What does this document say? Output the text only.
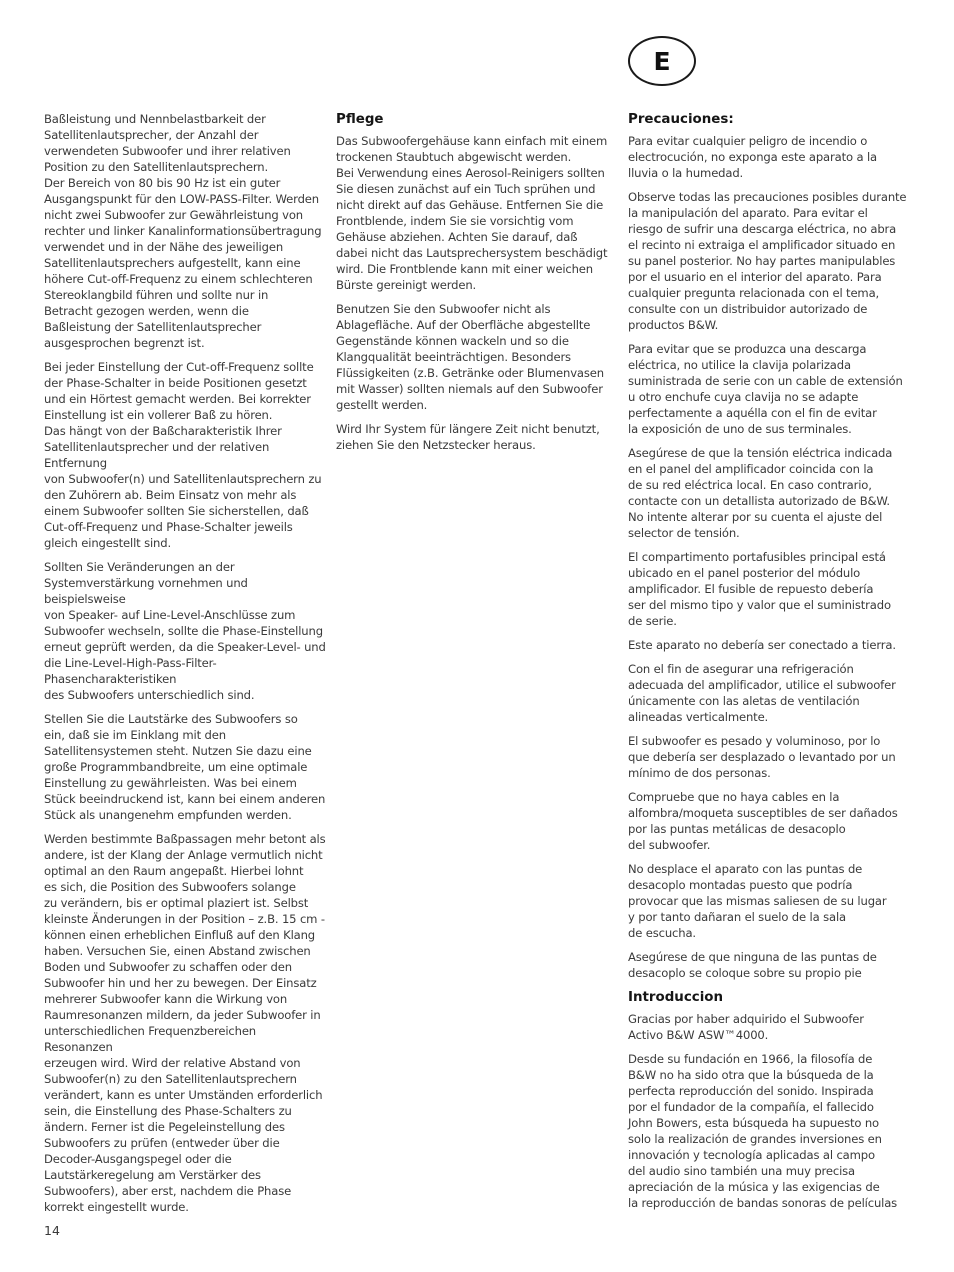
E

Baßleistung und Nennbelastbarkeit der
Satellitenlautsprecher, der Anzahl der
verwendeten Subwoofer und ihrer relativen
Position zu den Satellitenlautsprechern.
Der Bereich von 80 bis 90 Hz ist ein guter
Ausgangspunkt für den LOW-PASS-Filter. Werden
nicht zwei Subwoofer zur Gewährleistung von
rechter und linker Kanalinformationsübertragung
verwendet und in der Nähe des jeweiligen
Satellitenlautsprechers aufgestellt, kann eine
höhere Cut-off-Frequenz zu einem schlechteren
Stereoklangbild führen und sollte nur in
Betracht gezogen werden, wenn die
Baßleistung der Satellitenlautsprecher
ausgesprochen begrenzt ist.

Bei jeder Einstellung der Cut-off-Frequenz sollte
der Phase-Schalter in beide Positionen gesetzt
und ein Hörtest gemacht werden. Bei korrekter
Einstellung ist ein vollerer Baß zu hören.
Das hängt von der Baßcharakteristik Ihrer
Satellitenlautsprecher und der relativen Entfernung
von Subwoofer(n) und Satellitenlautsprechern zu
den Zuhörern ab. Beim Einsatz von mehr als
einem Subwoofer sollten Sie sicherstellen, daß
Cut-off-Frequenz und Phase-Schalter jeweils
gleich eingestellt sind.

Sollten Sie Veränderungen an der
Systemverstärkung vornehmen und beispielsweise
von Speaker- auf Line-Level-Anschlüsse zum
Subwoofer wechseln, sollte die Phase-Einstellung
erneut geprüft werden, da die Speaker-Level- und
die Line-Level-High-Pass-Filter-Phasencharakteristiken
des Subwoofers unterschiedlich sind.

Stellen Sie die Lautstärke des Subwoofers so
ein, daß sie im Einklang mit den
Satellitensystemen steht. Nutzen Sie dazu eine
große Programmbandbreite, um eine optimale
Einstellung zu gewährleisten. Was bei einem
Stück beeindruckend ist, kann bei einem anderen
Stück als unangenehm empfunden werden.

Werden bestimmte Baßpassagen mehr betont als
andere, ist der Klang der Anlage vermutlich nicht
optimal an den Raum angepaßt. Hierbei lohnt
es sich, die Position des Subwoofers solange
zu verändern, bis er optimal plaziert ist. Selbst
kleinste Änderungen in der Position – z.B. 15 cm -
können einen erheblichen Einfluß auf den Klang
haben. Versuchen Sie, einen Abstand zwischen
Boden und Subwoofer zu schaffen oder den
Subwoofer hin und her zu bewegen. Der Einsatz
mehrerer Subwoofer kann die Wirkung von
Raumresonanzen mildern, da jeder Subwoofer in
unterschiedlichen Frequenzbereichen Resonanzen
erzeugen wird. Wird der relative Abstand von
Subwoofer(n) zu den Satellitenlautsprechern
verändert, kann es unter Umständen erforderlich
sein, die Einstellung des Phase-Schalters zu
ändern. Ferner ist die Pegeleinstellung des
Subwoofers zu prüfen (entweder über die
Decoder-Ausgangspegel oder die
Lautstärkeregelung am Verstärker des
Subwoofers), aber erst, nachdem die Phase
korrekt eingestellt wurde.

Pflege

Das Subwoofergehäuse kann einfach mit einem
trockenen Staubtuch abgewischt werden.
Bei Verwendung eines Aerosol-Reinigers sollten
Sie diesen zunächst auf ein Tuch sprühen und
nicht direkt auf das Gehäuse. Entfernen Sie die
Frontblende, indem Sie sie vorsichtig vom
Gehäuse abziehen. Achten Sie darauf, daß
dabei nicht das Lautsprechersystem beschädigt
wird. Die Frontblende kann mit einer weichen
Bürste gereinigt werden.

Benutzen Sie den Subwoofer nicht als
Ablagefläche. Auf der Oberfläche abgestellte
Gegenstände können wackeln und so die
Klangqualität beeinträchtigen. Besonders
Flüssigkeiten (z.B. Getränke oder Blumenvasen
mit Wasser) sollten niemals auf den Subwoofer
gestellt werden.

Wird Ihr System für längere Zeit nicht benutzt,
ziehen Sie den Netzstecker heraus.

Precauciones:

Para evitar cualquier peligro de incendio o
electrocución, no exponga este aparato a la
lluvia o la humedad.

Observe todas las precauciones posibles durante
la manipulación del aparato. Para evitar el
riesgo de sufrir una descarga eléctrica, no abra
el recinto ni extraiga el amplificador situado en
su panel posterior. No hay partes manipulables
por el usuario en el interior del aparato. Para
cualquier pregunta relacionada con el tema,
consulte con un distribuidor autorizado de
productos B&W.

Para evitar que se produzca una descarga
eléctrica, no utilice la clavija polarizada
suministrada de serie con un cable de extensión
u otro enchufe cuya clavija no se adapte
perfectamente a aquélla con el fin de evitar
la exposición de uno de sus terminales.

Asegúrese de que la tensión eléctrica indicada
en el panel del amplificador coincida con la
de su red eléctrica local. En caso contrario,
contacte con un detallista autorizado de B&W.
No intente alterar por su cuenta el ajuste del
selector de tensión.

El compartimento portafusibles principal está
ubicado en el panel posterior del módulo
amplificador. El fusible de repuesto debería
ser del mismo tipo y valor que el suministrado
de serie.

Este aparato no debería ser conectado a tierra.

Con el fin de asegurar una refrigeración
adecuada del amplificador, utilice el subwoofer
únicamente con las aletas de ventilación
alineadas verticalmente.

El subwoofer es pesado y voluminoso, por lo
que debería ser desplazado o levantado por un
mínimo de dos personas.

Compruebe que no haya cables en la
alfombra/moqueta susceptibles de ser dañados
por las puntas metálicas de desacoplo
del subwoofer.

No desplace el aparato con las puntas de
desacoplo montadas puesto que podría
provocar que las mismas saliesen de su lugar
y por tanto dañaran el suelo de la sala
de escucha.

Asegúrese de que ninguna de las puntas de
desacoplo se coloque sobre su propio pie

Introduccion

Gracias por haber adquirido el Subwoofer
Activo B&W ASW™4000.

Desde su fundación en 1966, la filosofía de
B&W no ha sido otra que la búsqueda de la
perfecta reproducción del sonido. Inspirada
por el fundador de la compañía, el fallecido
John Bowers, esta búsqueda ha supuesto no
solo la realización de grandes inversiones en
innovación y tecnología aplicadas al campo
del audio sino también una muy precisa
apreciación de la música y las exigencias de
la reproducción de bandas sonoras de películas

14
